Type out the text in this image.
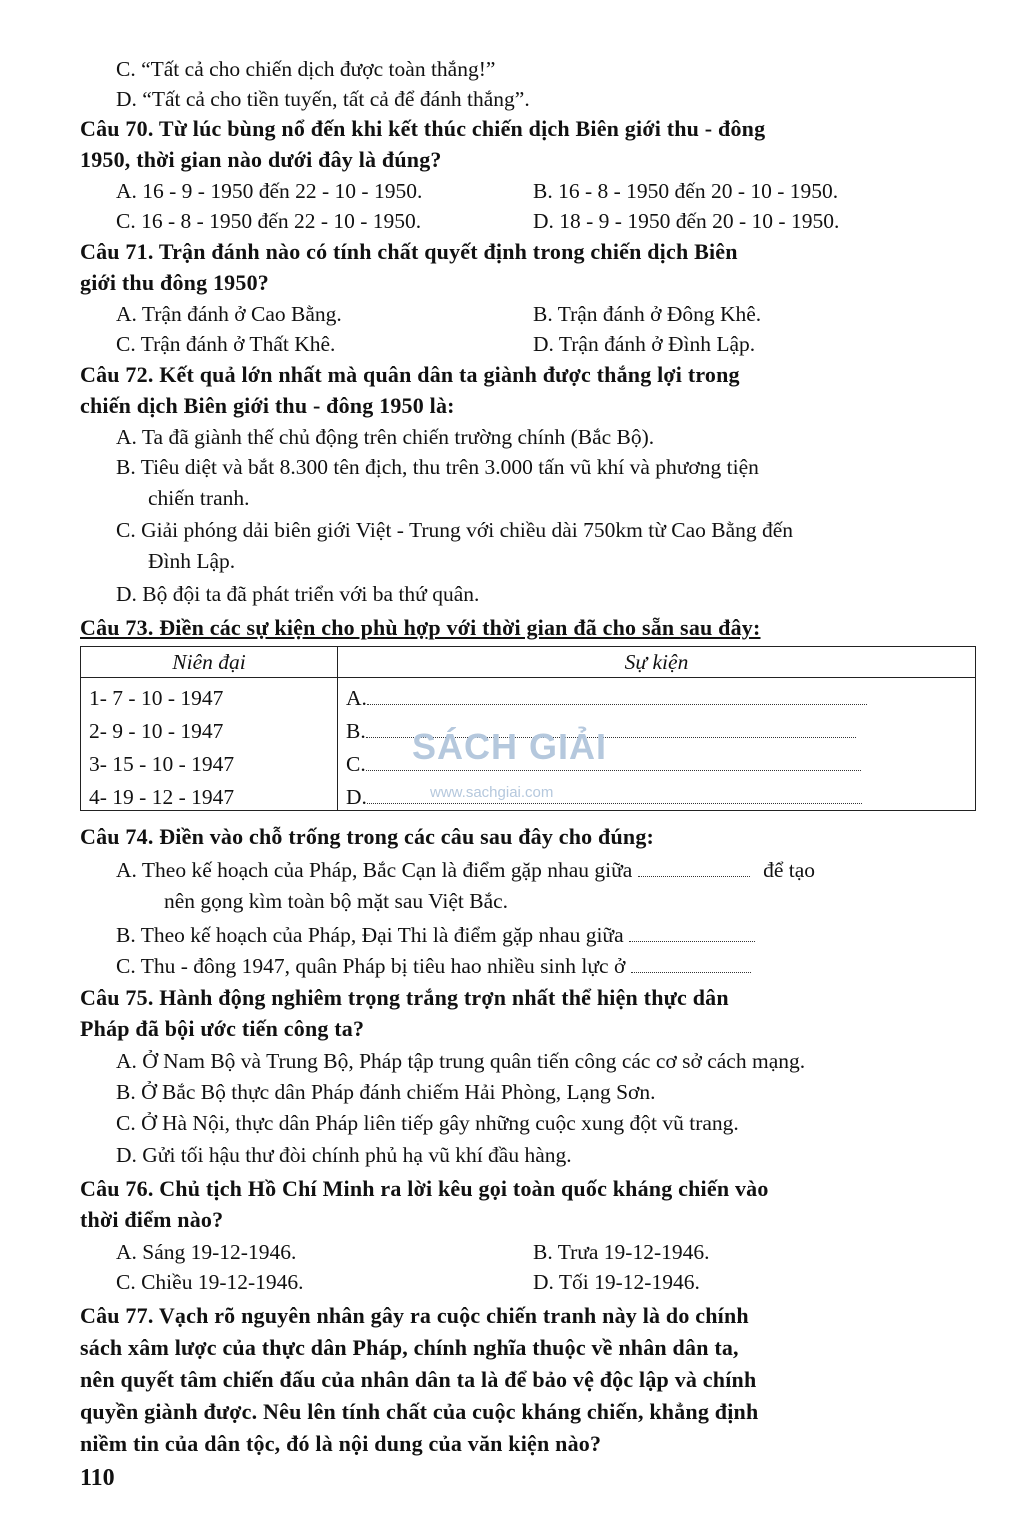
C. “Tất cả cho chiến dịch được toàn thắng!”
D. “Tất cả cho tiền tuyến, tất cả để đánh thắng”.
Câu 70. Từ lúc bùng nổ đến khi kết thúc chiến dịch Biên giới thu - đông
1950, thời gian nào dưới đây là đúng?
A. 16 - 9 - 1950 đến 22 - 10 - 1950.	B. 16 - 8 - 1950 đến 20 - 10 - 1950.
C. 16 - 8 - 1950 đến 22 - 10 - 1950.	D. 18 - 9 - 1950 đến 20 - 10 - 1950.
Câu 71. Trận đánh nào có tính chất quyết định trong chiến dịch Biên
giới thu đông 1950?
A. Trận đánh ở Cao Bằng.	B. Trận đánh ở Đông Khê.
C. Trận đánh ở Thất Khê.	D. Trận đánh ở Đình Lập.
Câu 72. Kết quả lớn nhất mà quân dân ta giành được thắng lợi trong
chiến dịch Biên giới thu - đông 1950 là:
A. Ta đã giành thế chủ động trên chiến trường chính (Bắc Bộ).
B. Tiêu diệt và bắt 8.300 tên địch, thu trên 3.000 tấn vũ khí và phương tiện
chiến tranh.
C. Giải phóng dải biên giới Việt - Trung với chiều dài 750km từ Cao Bằng đến
Đình Lập.
D. Bộ đội ta đã phát triển với ba thứ quân.
Câu 73. Điền các sự kiện cho phù hợp với thời gian đã cho sẵn sau đây:
Niên đại	Sự kiện
1- 7 - 10 - 1947	A.
2- 9 - 10 - 1947	B.
3- 15 - 10 - 1947	C.
4- 19 - 12 - 1947	D.
SÁCH GIẢI
www.sachgiai.com
Câu 74. Điền vào chỗ trống trong các câu sau đây cho đúng:
A. Theo kế hoạch của Pháp, Bắc Cạn là điểm gặp nhau giữa	để tạo
nên gọng kìm toàn bộ mặt sau Việt Bắc.
B. Theo kế hoạch của Pháp, Đại Thi là điểm gặp nhau giữa
C. Thu - đông 1947, quân Pháp bị tiêu hao nhiều sinh lực ở
Câu 75. Hành động nghiêm trọng trắng trợn nhất thể hiện thực dân
Pháp đã bội ước tiến công ta?
A. Ở Nam Bộ và Trung Bộ, Pháp tập trung quân tiến công các cơ sở cách mạng.
B. Ở Bắc Bộ thực dân Pháp đánh chiếm Hải Phòng, Lạng Sơn.
C. Ở Hà Nội, thực dân Pháp liên tiếp gây những cuộc xung đột vũ trang.
D. Gửi tối hậu thư đòi chính phủ hạ vũ khí đầu hàng.
Câu 76. Chủ tịch Hồ Chí Minh ra lời kêu gọi toàn quốc kháng chiến vào
thời điểm nào?
A. Sáng 19-12-1946.	B. Trưa 19-12-1946.
C. Chiều 19-12-1946.	D. Tối 19-12-1946.
Câu 77. Vạch rõ nguyên nhân gây ra cuộc chiến tranh này là do chính
sách xâm lược của thực dân Pháp, chính nghĩa thuộc về nhân dân ta,
nên quyết tâm chiến đấu của nhân dân ta là để bảo vệ độc lập và chính
quyền giành được. Nêu lên tính chất của cuộc kháng chiến, khẳng định
niềm tin của dân tộc, đó là nội dung của văn kiện nào?
110
